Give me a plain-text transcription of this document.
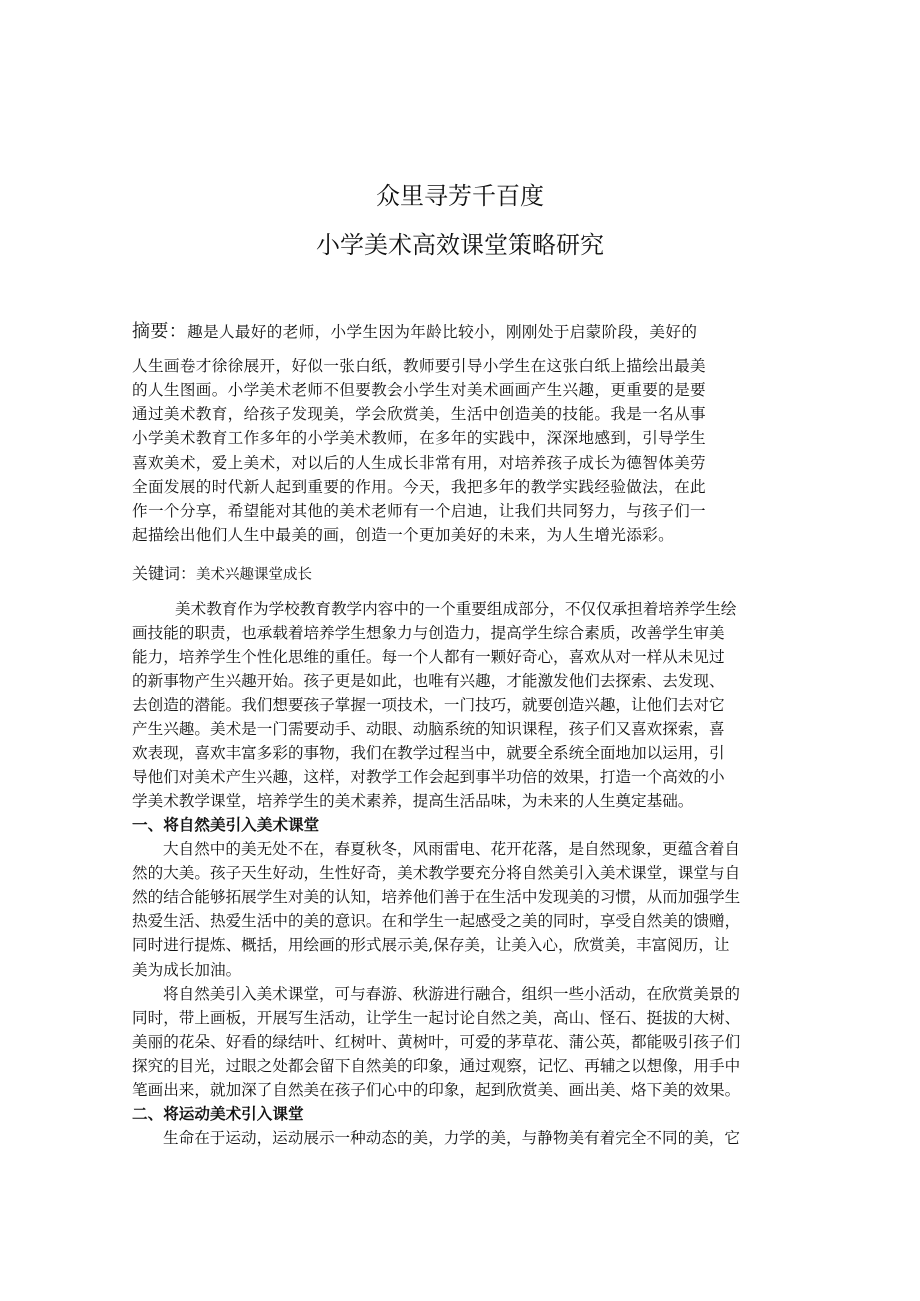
众里寻芳千百度
小学美术高效课堂策略研究
摘要：趣是人最好的老师，小学生因为年龄比较小，刚刚处于启蒙阶段，美好的
人生画卷才徐徐展开，好似一张白纸，教师要引导小学生在这张白纸上描绘出最美
的人生图画。小学美术老师不但要教会小学生对美术画画产生兴趣，更重要的是要
通过美术教育，给孩子发现美，学会欣赏美，生活中创造美的技能。我是一名从事
小学美术教育工作多年的小学美术教师，在多年的实践中，深深地感到，引导学生
喜欢美术，爱上美术，对以后的人生成长非常有用，对培养孩子成长为德智体美劳
全面发展的时代新人起到重要的作用。今天，我把多年的教学实践经验做法，在此
作一个分享，希望能对其他的美术老师有一个启迪，让我们共同努力，与孩子们一
起描绘出他们人生中最美的画，创造一个更加美好的未来，为人生增光添彩。
关键词：美术兴趣课堂成长
美术教育作为学校教育教学内容中的一个重要组成部分，不仅仅承担着培养学生绘
画技能的职责，也承载着培养学生想象力与创造力，提高学生综合素质，改善学生审美
能力，培养学生个性化思维的重任。每一个人都有一颗好奇心，喜欢从对一样从未见过
的新事物产生兴趣开始。孩子更是如此，也唯有兴趣，才能激发他们去探索、去发现、
去创造的潜能。我们想要孩子掌握一项技术，一门技巧，就要创造兴趣，让他们去对它
产生兴趣。美术是一门需要动手、动眼、动脑系统的知识课程，孩子们又喜欢探索，喜
欢表现，喜欢丰富多彩的事物，我们在教学过程当中，就要全系统全面地加以运用，引
导他们对美术产生兴趣，这样，对教学工作会起到事半功倍的效果，打造一个高效的小
学美术教学课堂，培养学生的美术素养，提高生活品味，为未来的人生奠定基础。
一、将自然美引入美术课堂
大自然中的美无处不在，春夏秋冬，风雨雷电、花开花落，是自然现象，更蕴含着自
然的大美。孩子天生好动，生性好奇，美术教学要充分将自然美引入美术课堂，课堂与自
然的结合能够拓展学生对美的认知，培养他们善于在生活中发现美的习惯，从而加强学生
热爱生活、热爱生活中的美的意识。在和学生一起感受之美的同时，享受自然美的馈赠，
同时进行提炼、概括，用绘画的形式展示美,保存美，让美入心，欣赏美，丰富阅历，让
美为成长加油。
将自然美引入美术课堂，可与春游、秋游进行融合，组织一些小活动，在欣赏美景的
同时，带上画板，开展写生活动，让学生一起讨论自然之美，高山、怪石、挺拔的大树、
美丽的花朵、好看的绿结叶、红树叶、黄树叶，可爱的茅草花、蒲公英，都能吸引孩子们
探究的目光，过眼之处都会留下自然美的印象，通过观察，记忆、再辅之以想像，用手中
笔画出来，就加深了自然美在孩子们心中的印象，起到欣赏美、画出美、烙下美的效果。
二、将运动美术引入课堂
生命在于运动，运动展示一种动态的美，力学的美，与静物美有着完全不同的美，它
